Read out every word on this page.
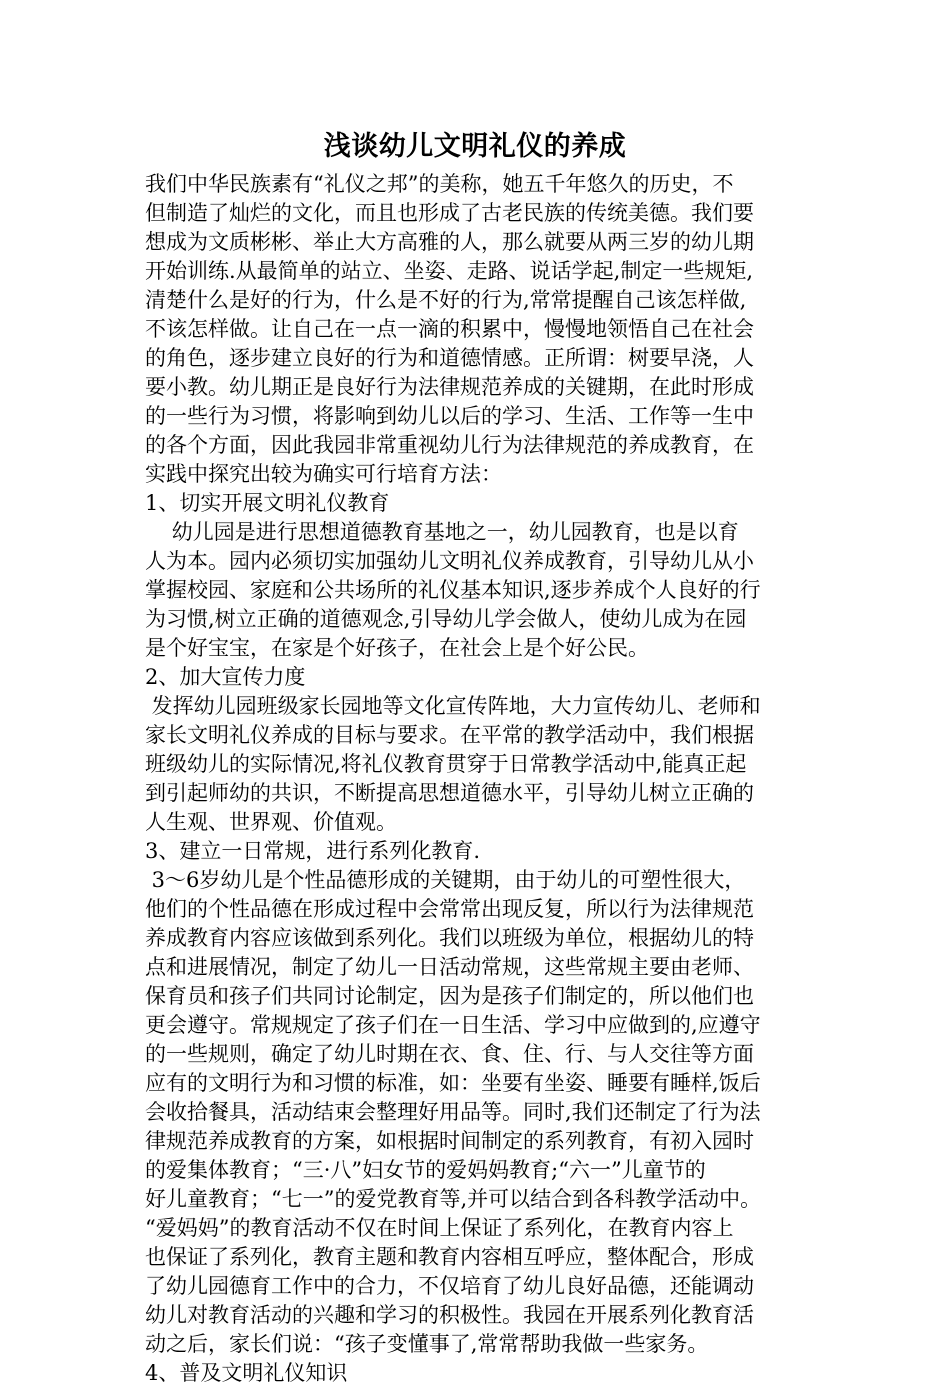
浅谈幼儿文明礼仪的养成
我们中华民族素有“礼仪之邦”的美称，她五千年悠久的历史，不
但制造了灿烂的文化，而且也形成了古老民族的传统美德。我们要
想成为文质彬彬、举止大方高雅的人，那么就要从两三岁的幼儿期
开始训练.从最简单的站立、坐姿、走路、说话学起,制定一些规矩,
清楚什么是好的行为，什么是不好的行为,常常提醒自己该怎样做,
不该怎样做。让自己在一点一滴的积累中，慢慢地领悟自己在社会
的角色，逐步建立良好的行为和道德情感。正所谓：树要早浇，人
要小教。幼儿期正是良好行为法律规范养成的关键期，在此时形成
的一些行为习惯，将影响到幼儿以后的学习、生活、工作等一生中
的各个方面，因此我园非常重视幼儿行为法律规范的养成教育，在
实践中探究出较为确实可行培育方法：
1、切实开展文明礼仪教育
幼儿园是进行思想道德教育基地之一，幼儿园教育，也是以育
人为本。园内必须切实加强幼儿文明礼仪养成教育，引导幼儿从小
掌握校园、家庭和公共场所的礼仪基本知识,逐步养成个人良好的行
为习惯,树立正确的道德观念,引导幼儿学会做人，使幼儿成为在园
是个好宝宝，在家是个好孩子，在社会上是个好公民。
2、加大宣传力度
发挥幼儿园班级家长园地等文化宣传阵地，大力宣传幼儿、老师和
家长文明礼仪养成的目标与要求。在平常的教学活动中，我们根据
班级幼儿的实际情况,将礼仪教育贯穿于日常教学活动中,能真正起
到引起师幼的共识，不断提高思想道德水平，引导幼儿树立正确的
人生观、世界观、价值观。
3、建立一日常规，进行系列化教育.
3～6岁幼儿是个性品德形成的关键期，由于幼儿的可塑性很大，
他们的个性品德在形成过程中会常常出现反复，所以行为法律规范
养成教育内容应该做到系列化。我们以班级为单位，根据幼儿的特
点和进展情况，制定了幼儿一日活动常规，这些常规主要由老师、
保育员和孩子们共同讨论制定，因为是孩子们制定的，所以他们也
更会遵守。常规规定了孩子们在一日生活、学习中应做到的,应遵守
的一些规则，确定了幼儿时期在衣、食、住、行、与人交往等方面
应有的文明行为和习惯的标准，如：坐要有坐姿、睡要有睡样,饭后
会收拾餐具，活动结束会整理好用品等。同时,我们还制定了行为法
律规范养成教育的方案，如根据时间制定的系列教育，有初入园时
的爱集体教育；“三·八”妇女节的爱妈妈教育;“六一”儿童节的
好儿童教育；“七一”的爱党教育等,并可以结合到各科教学活动中。
“爱妈妈”的教育活动不仅在时间上保证了系列化，在教育内容上
也保证了系列化，教育主题和教育内容相互呼应，整体配合，形成
了幼儿园德育工作中的合力，不仅培育了幼儿良好品德，还能调动
幼儿对教育活动的兴趣和学习的积极性。我园在开展系列化教育活
动之后，家长们说：“孩子变懂事了,常常帮助我做一些家务。
4、普及文明礼仪知识
